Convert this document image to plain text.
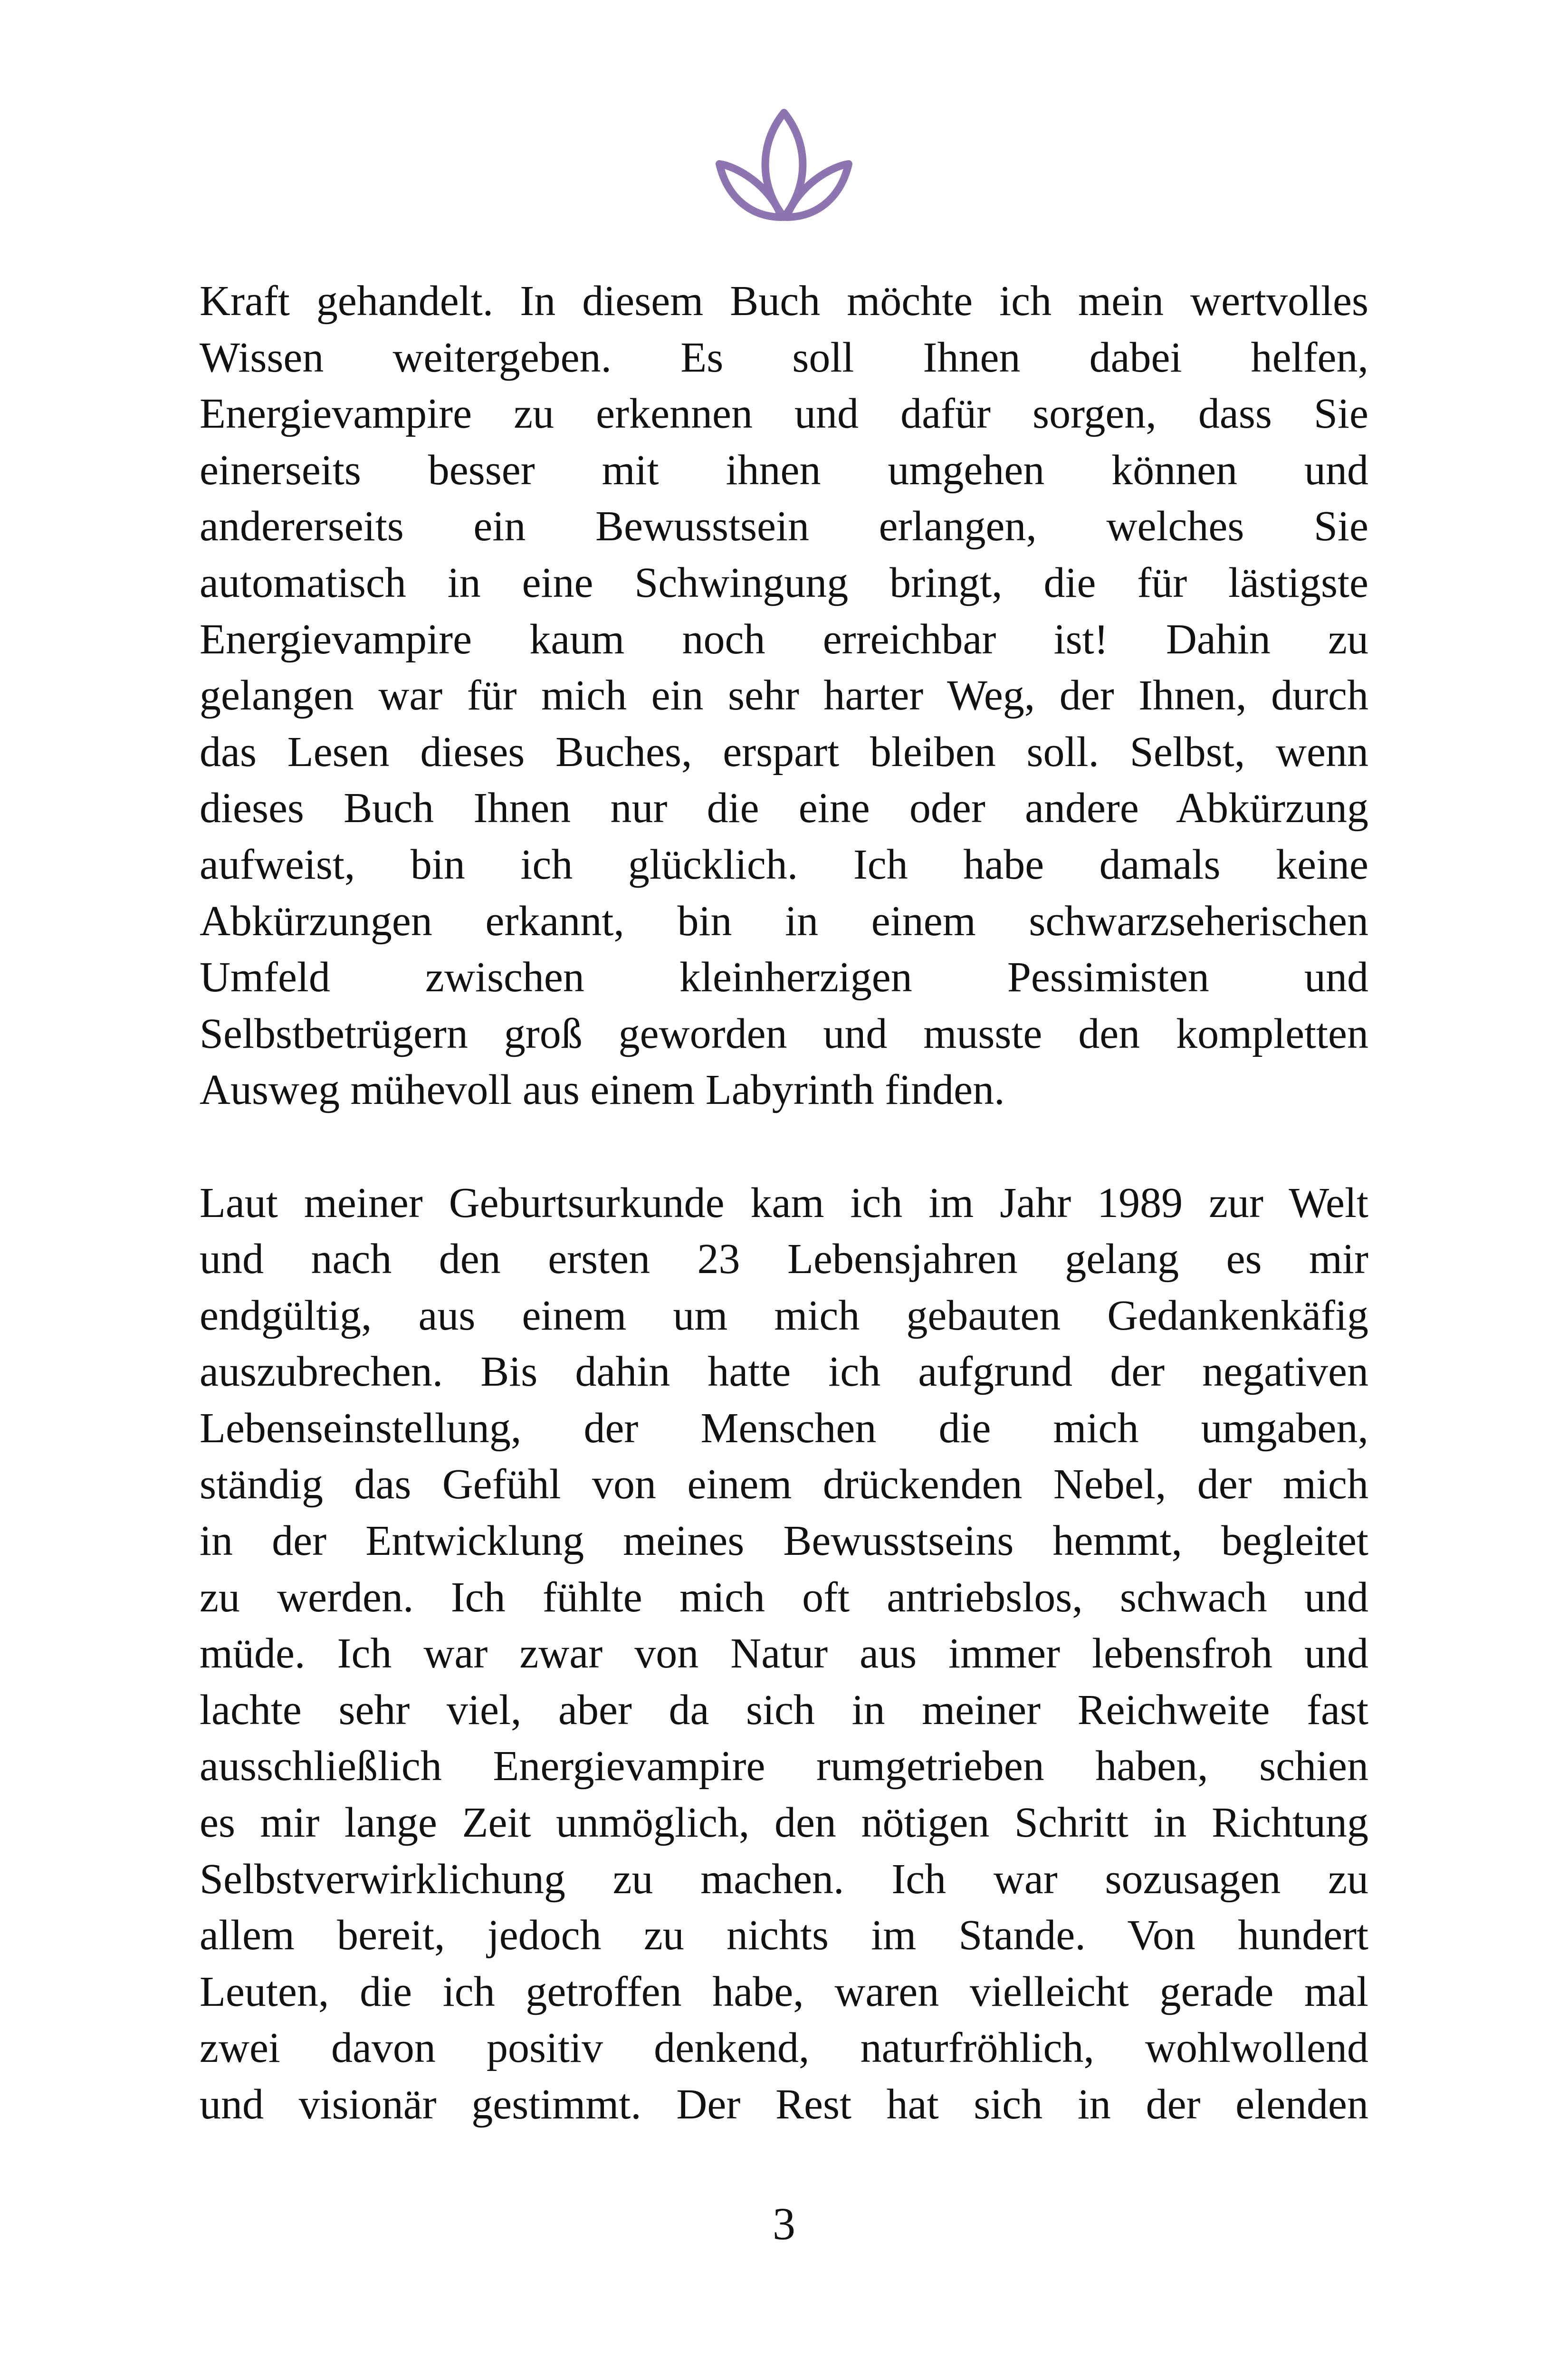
Kraft gehandelt. In diesem Buch möchte ich mein wertvolles
Wissen weitergeben. Es soll Ihnen dabei helfen,
Energievampire zu erkennen und dafür sorgen, dass Sie
einerseits besser mit ihnen umgehen können und
andererseits ein Bewusstsein erlangen, welches Sie
automatisch in eine Schwingung bringt, die für lästigste
Energievampire kaum noch erreichbar ist! Dahin zu
gelangen war für mich ein sehr harter Weg, der Ihnen, durch
das Lesen dieses Buches, erspart bleiben soll. Selbst, wenn
dieses Buch Ihnen nur die eine oder andere Abkürzung
aufweist, bin ich glücklich. Ich habe damals keine
Abkürzungen erkannt, bin in einem schwarzseherischen
Umfeld zwischen kleinherzigen Pessimisten und
Selbstbetrügern groß geworden und musste den kompletten
Ausweg mühevoll aus einem Labyrinth finden.
Laut meiner Geburtsurkunde kam ich im Jahr 1989 zur Welt
und nach den ersten 23 Lebensjahren gelang es mir
endgültig, aus einem um mich gebauten Gedankenkäfig
auszubrechen. Bis dahin hatte ich aufgrund der negativen
Lebenseinstellung, der Menschen die mich umgaben,
ständig das Gefühl von einem drückenden Nebel, der mich
in der Entwicklung meines Bewusstseins hemmt, begleitet
zu werden. Ich fühlte mich oft antriebslos, schwach und
müde. Ich war zwar von Natur aus immer lebensfroh und
lachte sehr viel, aber da sich in meiner Reichweite fast
ausschließlich Energievampire rumgetrieben haben, schien
es mir lange Zeit unmöglich, den nötigen Schritt in Richtung
Selbstverwirklichung zu machen. Ich war sozusagen zu
allem bereit, jedoch zu nichts im Stande. Von hundert
Leuten, die ich getroffen habe, waren vielleicht gerade mal
zwei davon positiv denkend, naturfröhlich, wohlwollend
und visionär gestimmt. Der Rest hat sich in der elenden
3
